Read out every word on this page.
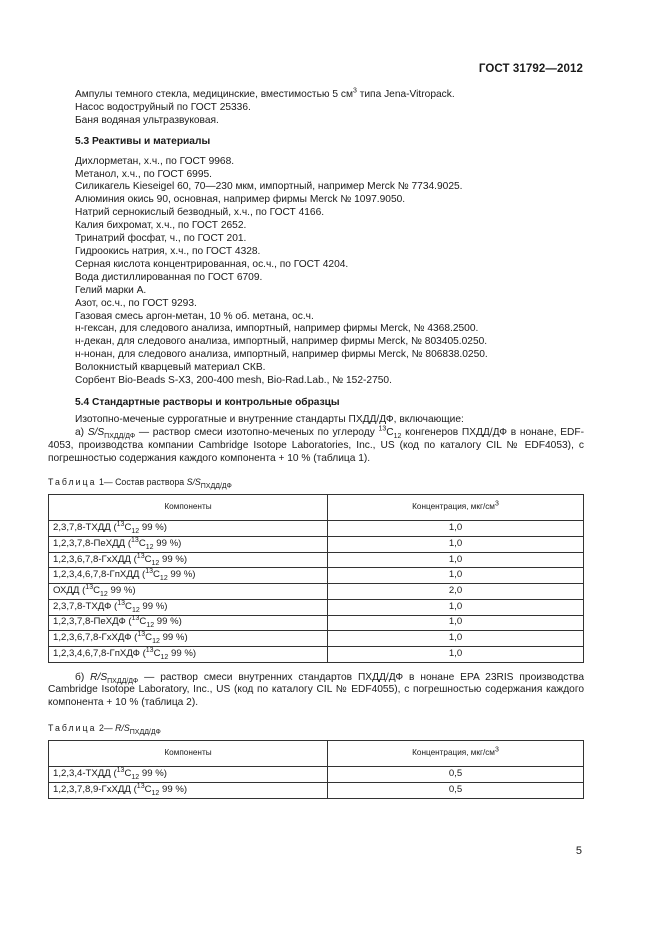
ГОСТ 31792—2012

Ампулы темного стекла, медицинские, вместимостью 5 $см^3$ типа Jena-Vitropack.

Насос водоструйный по ГОСТ 25336.

Баня водяная ультразвуковая.

5.3 Реактивы и материалы

Дихлорметан, х.ч., по ГОСТ 9968.

Метанол, х.ч., по ГОСТ 6995.

Силикагель Kieseigel 60, 70—230 мкм, импортный, например Merck № 7734.9025.

Алюминия окись 90, основная, например фирмы Merck № 1097.9050.

Натрий сернокислый безводный, х.ч., по ГОСТ 4166.

Калия бихромат, х.ч., по ГОСТ 2652.

Тринатрий фосфат, ч., по ГОСТ 201.

Гидроокись натрия, х.ч., по ГОСТ 4328.

Серная кислота концентрированная, ос.ч., по ГОСТ 4204.

Вода дистиллированная по ГОСТ 6709.

Гелий марки А.

Азот, ос.ч., по ГОСТ 9293.

Газовая смесь аргон-метан, 10 % об. метана, ос.ч.

н-гексан, для следового анализа, импортный, например фирмы Merck, № 4368.2500.

н-декан, для следового анализа, импортный, например фирмы Merck, № 803405.0250.

н-нонан, для следового анализа, импортный, например фирмы Merck, № 806838.0250.

Волокнистый кварцевый материал СКВ.

Сорбент Bio-Beads S-X3, 200-400 mesh, Bio-Rad.Lab., № 152-2750.

5.4 Стандартные растворы и контрольные образцы

Изотопно-меченые суррогатные и внутренние стандарты ПХДД/ДФ, включающие:

а) $S/S_{ПХДД/ДФ}$ — раствор смеси изотопно-меченых по углероду $^{13}C_{12}$ конгенеров ПХДД/ДФ в нонане, EDF-4053, производства компании Cambridge Isotope Laboratories, Inc., US (код по каталогу CIL № EDF4053), с погрешностью содержания каждого компонента + 10 % (таблица 1).

Таблица 1— Состав раствора $S/S_{ПХДД/ДФ}$

Компоненты	Концентрация, мкг/$см^3$
2,3,7,8-ТХДД ($^{13}C_{12}$ 99 %)	1,0
1,2,3,7,8-ПеХДД ($^{13}C_{12}$ 99 %)	1,0
1,2,3,6,7,8-ГхХДД ($^{13}C_{12}$ 99 %)	1,0
1,2,3,4,6,7,8-ГпХДД ($^{13}C_{12}$ 99 %)	1,0
ОХДД ($^{13}C_{12}$ 99 %)	2,0
2,3,7,8-ТХДФ ($^{13}C_{12}$ 99 %)	1,0
1,2,3,7,8-ПеХДФ ($^{13}C_{12}$ 99 %)	1,0
1,2,3,6,7,8-ГхХДФ ($^{13}C_{12}$ 99 %)	1,0
1,2,3,4,6,7,8-ГпХДФ ($^{13}C_{12}$ 99 %)	1,0

б) $R/S_{ПХДД/ДФ}$ — раствор смеси внутренних стандартов ПХДД/ДФ в нонане EPA 23RIS производства Cambridge Isotope Laboratory, Inc., US (код по каталогу CIL № EDF4055), с погрешностью содержания каждого компонента + 10 % (таблица 2).

Таблица 2— $R/S_{ПХДД/ДФ}$

Компоненты	Концентрация, мкг/$см^3$
1,2,3,4-ТХДД ($^{13}C_{12}$ 99 %)	0,5
1,2,3,7,8,9-ГхХДД ($^{13}C_{12}$ 99 %)	0,5
5
